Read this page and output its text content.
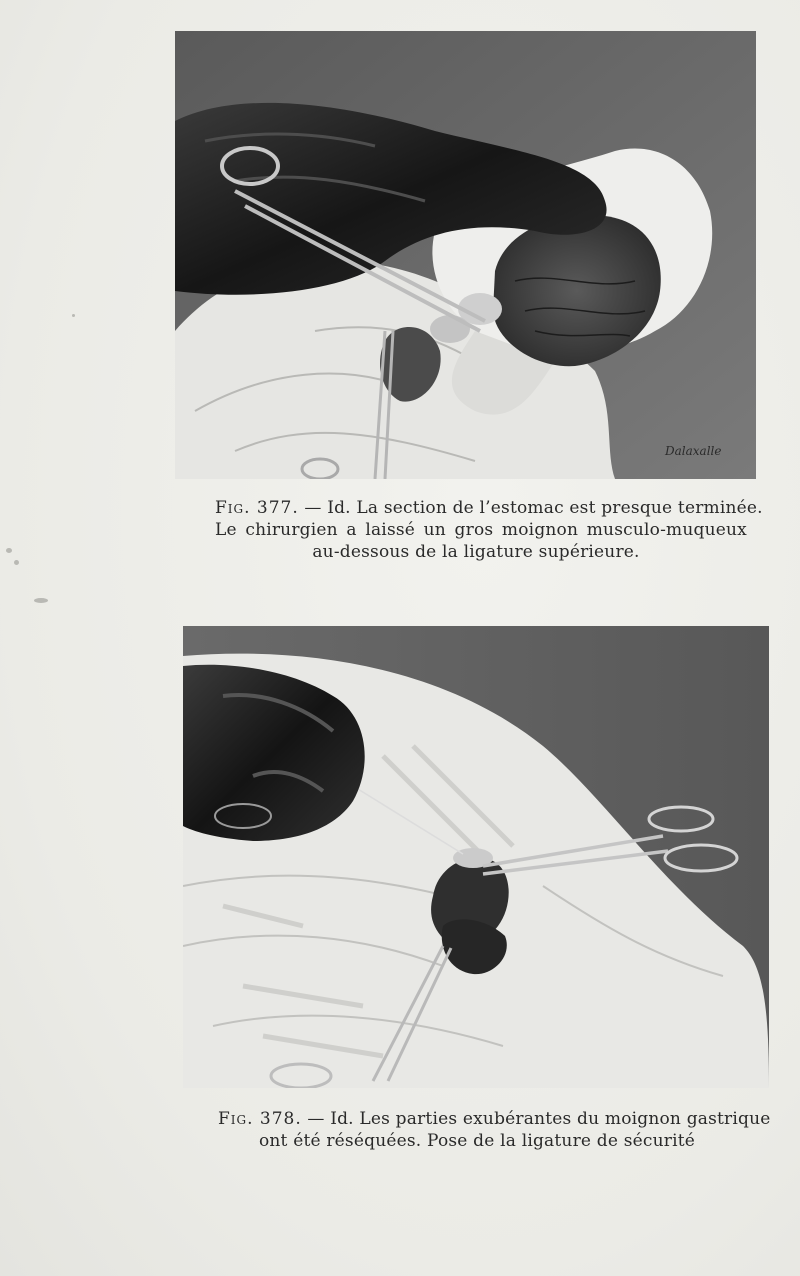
Dalaxalle
Fig. 377. — Id. La section de l’estomac est presque terminée.
Le chirurgien a laissé un gros moignon musculo-muqueux
au-dessous de la ligature supérieure.
Fig. 378. — Id. Les parties exubérantes du moignon gastrique
ont été réséquées. Pose de la ligature de sécurité
